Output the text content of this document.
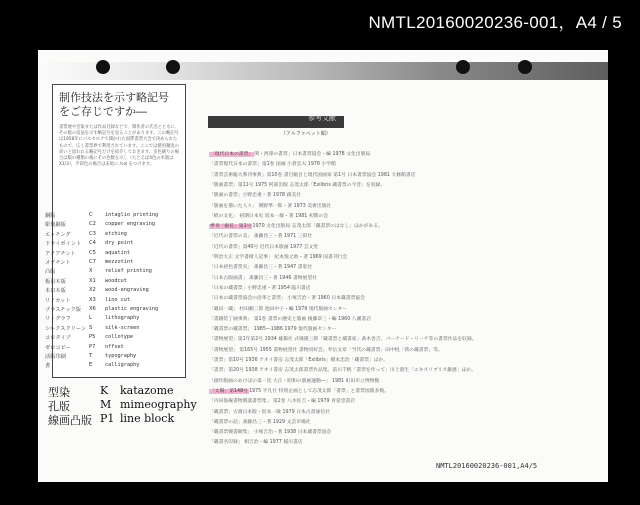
NMTL20160020236-001，A4 / 5
制作技法を示す略記号
をご存じですか―
書票展や会報または作品目録などで、制作者の氏名とともに、その版の技法を示す略記号を見ることがあります。この略記号は1958年にパルセロナで開かれた国際書票大会で決められたもので、広く書票界で利用されています。ここでは使用頻度の高いと思われる略記号だけを紹介しておきます。多色刷りの場合は版の種類の後にその色数を示し（たとえば4色の木版は X1/3），手彩色の場合は末尾に /col をつけます。
銅版	C intaglio printing
彫刻銅版	C2 copper engraving
エッチング	C3 etching
ドライポイント C4 dry point
アクアチント	C5 aquatint
メゾチント	C7 mezzotint
凸版	X relief printing
板目木版	X1 woodcut
木口木版	X2 wood-engraving
リノカット	X3 lino cut
プラスチック版 X6 plastic engraving
リトグラフ	L	lithography
シルクスクリーン S silk-screen
コロタイプ	P5 collotype
ゼロコピー	P7 offset
活版印刷	T typography
書	E calligraphy
型染	K katazome
孔版	M mimeography
線画凸版 P1 line block
参考文献
（アルファベット順）
「現代日本の書票」関・西澤の書票」日本書票協会・編 1978 文化出版局
「書票現代日本の書票」第1巻 国画 小倉忠夫 1978 小学館
「書票芸術総大系刊事典」第10巻 書目総目と現代国画家 第1号 日本書票協会 1981 大修館書店
「版画書票」第11号 1975 阿部出版 志茂太郎「Exlibris 蔵書票の今昔」を収録。
「版画の書票」小野忠重・著 1978 創美社
「版画を描いた人々」 関野準一郎・著 1973 美術出版社
「紙の文化」 初期日本史 坂本一敏・著 1981 初期の会
季刊「銀花」第1号1970 文化出版局 志茂太郎「蔵書票のはなし」ほかがある。
「近代の書票の美」 斎藤昌三・著 1971 三彩社
「近代の書票」第40号 近代日本版画 1977 芸文堂
「明治大正 文学書綺人記事」 紀本悦之助・著 1969 国書刊行会
「日本初色書票史」 斎藤昌三・著 1947 書窓社
「日本古版画書」 斎藤昌三・著 1946 書物展望社
「日本の蔵書票」小野忠重・著 1954 臨川書店
「日本の蔵書票協会の沿革と書票」 小塚吉治・著 1960 日本蔵書票協会
「蔵田一蔵」 村田順三郎 池田中子・編 1979 現代版画センター
「書籍装丁画事典」 第1巻 書票の歴史と版画 後藤章三・編 1960 八潮書店
「蔵書票の蔵書票」 1985—1986 1979 現代版画センター
「書物展望」第1年第2号 1934 雄鶏社 式場隆三郎「蔵書票と蔵書家」斎木善吉、バーナード・リーチ等の書票作品を収録。
「書物展望」 第165号 1955 書物展望社 書物同好会。寿岳文章「当代の蔵書票」田中悦「我の蔵書票」等。
「書票」第10号 1936 アオイ書房 志茂太郎「Exlibris」榎本忠治「蔵書票」ほか。
「書票」第20号 1938 アオイ書房 志茂太郎書票作品集。前川千帆「書票を作って」川上澄生「エキスリブリス雑感」ほか。
「創作版画のあけぼの第一次 大正・昭和の版画運動―」 1981 町田市立博物館
「太陽」第148号1975 平凡社 特別企画として志茂太郎「書票」と書票図版多数。
「内田魯庵書物閑談書票集」 第2巻 八木佐吉・編 1979 青裳堂書店
「蔵書票」古渡日本版・坂本一敏 1979 日本古書通信社
「蔵書票の話」斎藤昌三・著 1929 文芸市場社
「蔵書票競書順集」 小塚吉治・著 1938 日本蔵書票協会
「蔵書名印録」 相吉治・編 1977 稲川書店
NMTL20160020236-001,A4/5
